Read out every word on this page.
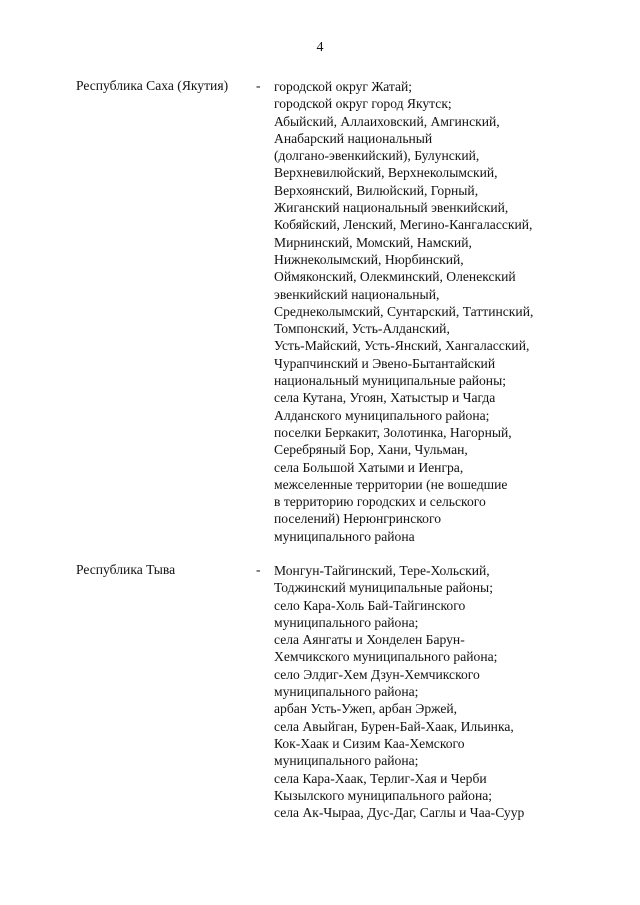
4
Республика Саха (Якутия) - городской округ Жатай;
городской округ город Якутск;
Абыйский, Аллаиховский, Амгинский,
Анабарский национальный
(долгано-эвенкийский), Булунский,
Верхневилюйский, Верхнеколымский,
Верхоянский, Вилюйский, Горный,
Жиганский национальный эвенкийский,
Кобяйский, Ленский, Мегино-Кангаласский,
Мирнинский, Момский, Намский,
Нижнеколымский, Нюрбинский,
Оймяконский, Олекминский, Оленекский
эвенкийский национальный,
Среднеколымский, Сунтарский, Таттинский,
Томпонский, Усть-Алданский,
Усть-Майский, Усть-Янский, Хангаласский,
Чурапчинский и Эвено-Бытантайский
национальный муниципальные районы;
села Кутана, Угоян, Хатыстыр и Чагда
Алданского муниципального района;
поселки Беркакит, Золотинка, Нагорный,
Серебряный Бор, Хани, Чульман,
села Большой Хатыми и Иенгра,
межселенные территории (не вошедшие
в территорию городских и сельского
поселений) Нерюнгринского
муниципального района
Республика Тыва	- Монгун-Тайгинский, Тере-Хольский,
Тоджинский муниципальные районы;
село Кара-Холь Бай-Тайгинского
муниципального района;
села Аянгаты и Хонделен Барун-
Хемчикского муниципального района;
село Элдиг-Хем Дзун-Хемчикского
муниципального района;
арбан Усть-Ужеп, арбан Эржей,
села Авыйган, Бурен-Бай-Хаак, Ильинка,
Кок-Хаак и Сизим Каа-Хемского
муниципального района;
села Кара-Хаак, Терлиг-Хая и Черби
Кызылского муниципального района;
села Ак-Чыраа, Дус-Даг, Саглы и Чаа-Суур
